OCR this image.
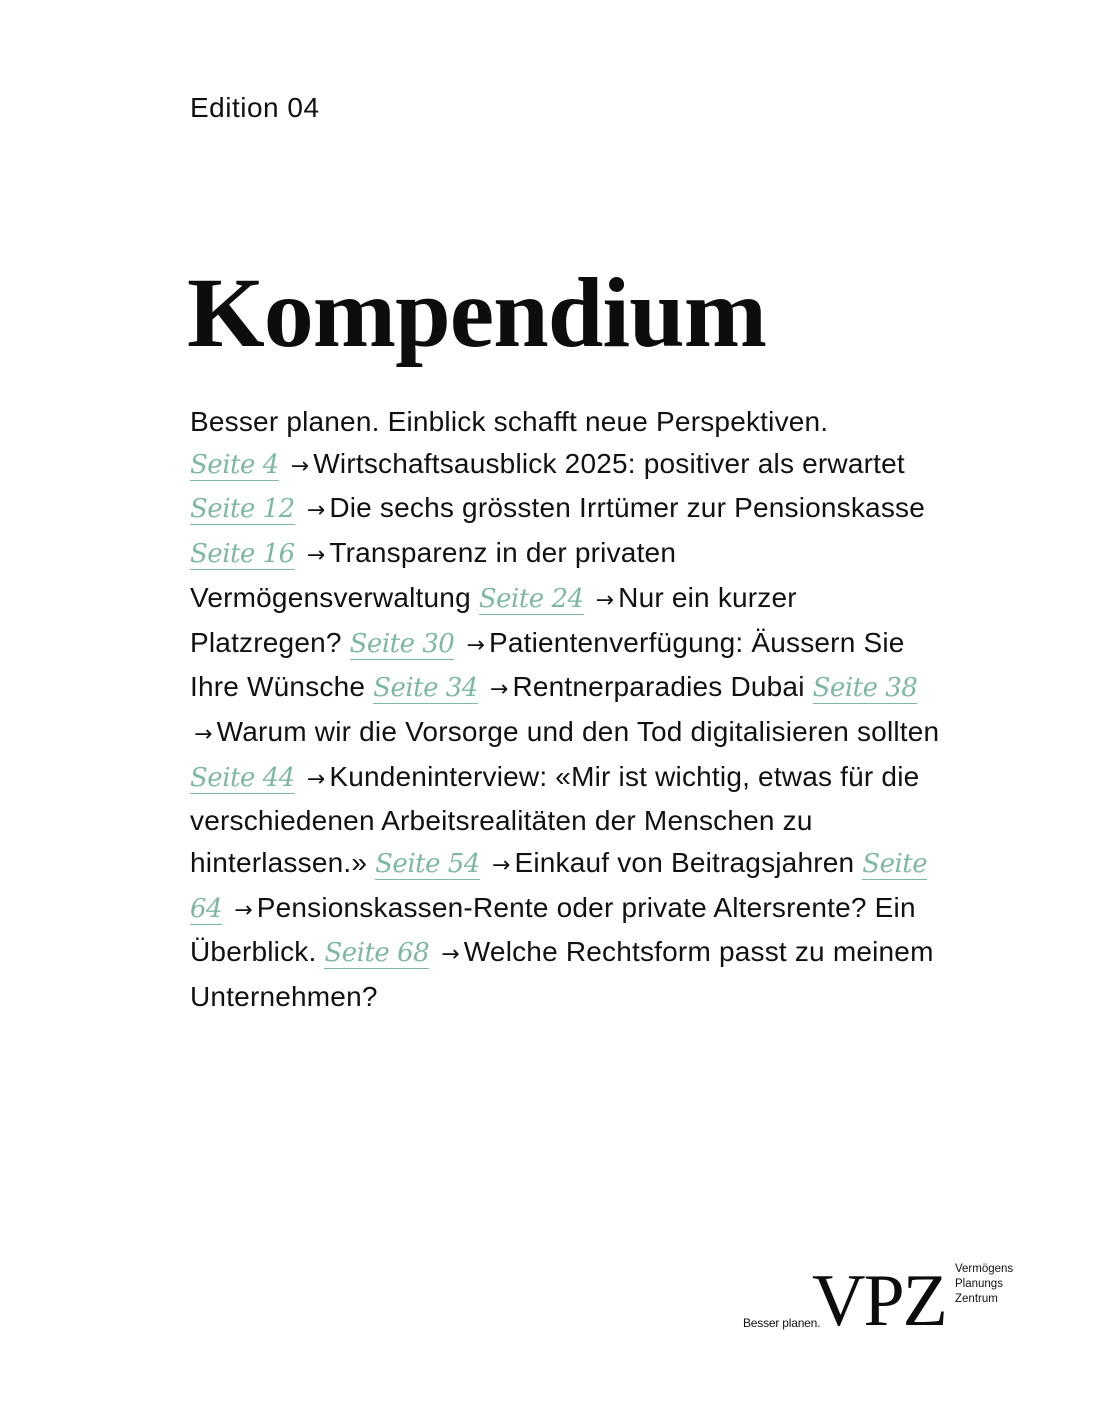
Edition 04
Kompendium

Besser planen. Einblick schafft neue Perspektiven.
Seite 4 → Wirtschaftsausblick 2025: positiver als erwartet Seite 12 → Die sechs grössten Irrtümer zur Pensionskasse Seite 16 → Transparenz in der privaten Vermögensverwaltung Seite 24 → Nur ein kurzer Platzregen? Seite 30 → Patientenverfügung: Äussern Sie Ihre Wünsche Seite 34 → Rentnerparadies Dubai Seite 38 → Warum wir die Vorsorge und den Tod digitalisieren sollten Seite 44 → Kundeninterview: «Mir ist wichtig, etwas für die verschiedenen Arbeitsrealitäten der Menschen zu hinterlassen.» Seite 54 → Einkauf von Beitragsjahren Seite 64 → Pensionskassen-Rente oder private Altersrente? Ein Überblick. Seite 68 → Welche Rechtsform passt zu meinem Unternehmen?

Besser planen.
VPZ Vermögens
Planungs
Zentrum
